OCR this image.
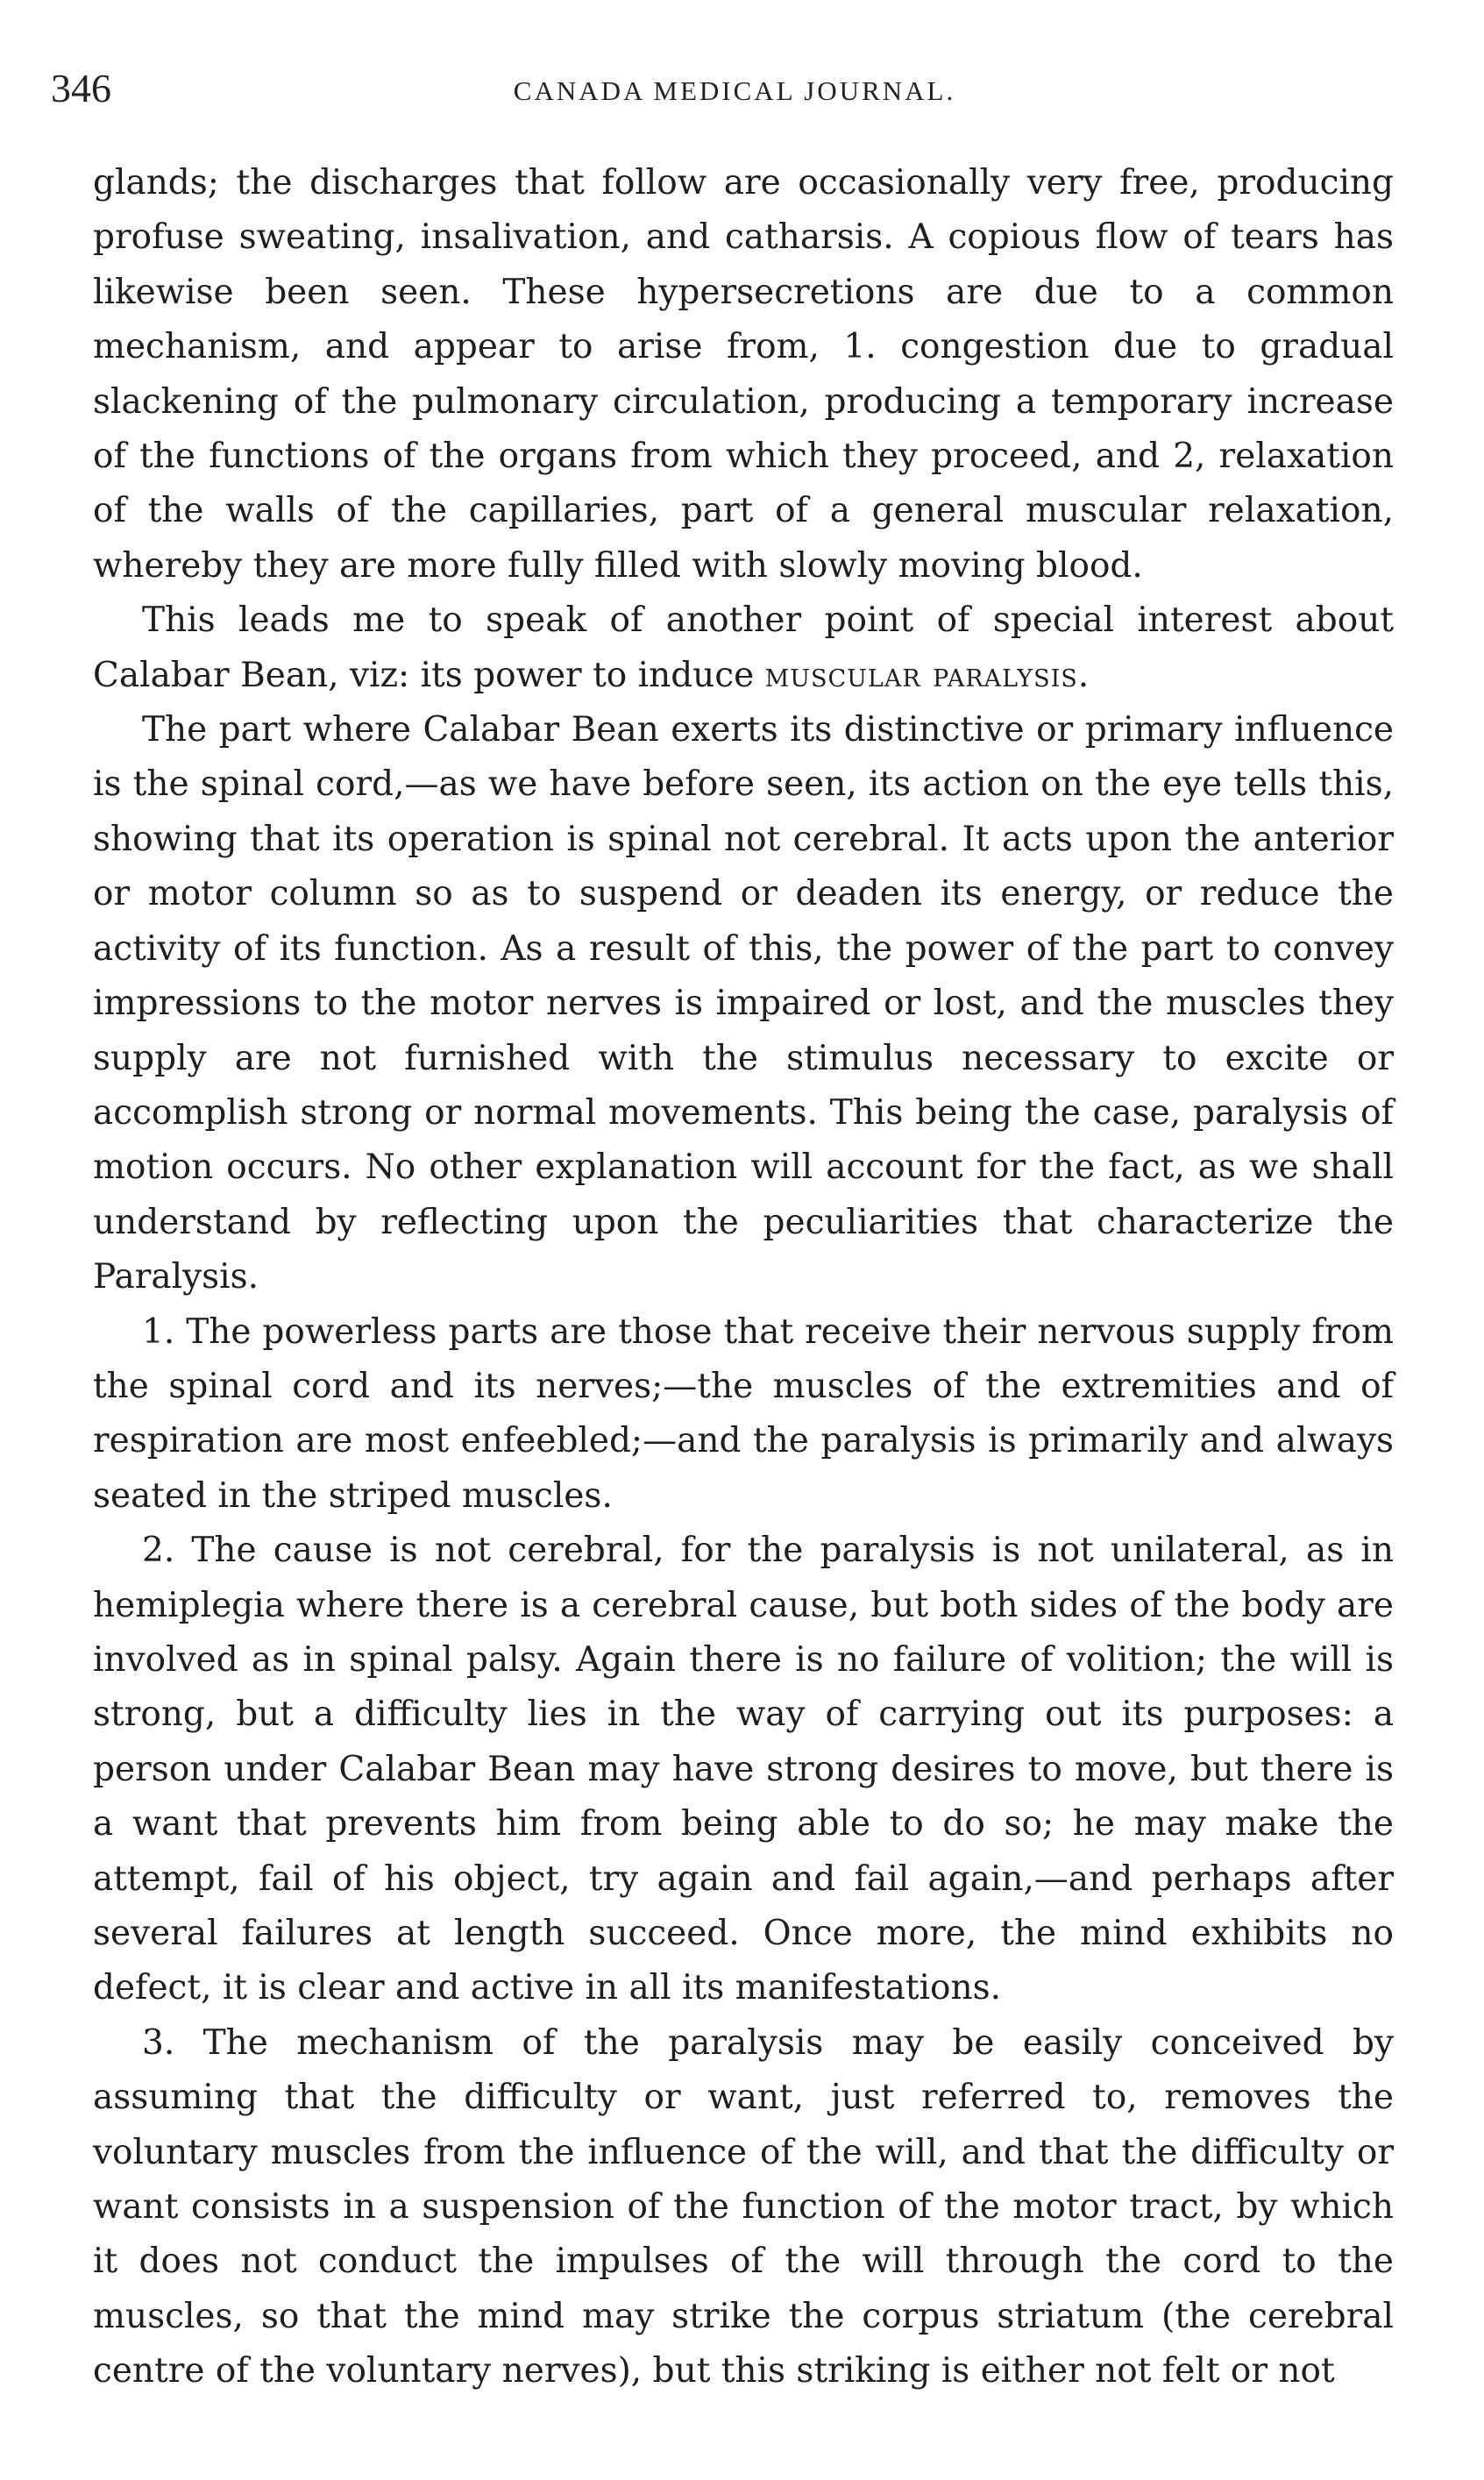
346	CANADA MEDICAL JOURNAL.

glands; the discharges that follow are occasionally very free, producing profuse sweating, insalivation, and catharsis. A copious flow of tears has likewise been seen. These hypersecretions are due to a common mechanism, and appear to arise from, 1. congestion due to gradual slackening of the pulmonary circulation, producing a temporary increase of the functions of the organs from which they proceed, and 2, relaxation of the walls of the capillaries, part of a general muscular relaxation, whereby they are more fully filled with slowly moving blood.

This leads me to speak of another point of special interest about Calabar Bean, viz: its power to induce muscular paralysis.

The part where Calabar Bean exerts its distinctive or primary influence is the spinal cord,—as we have before seen, its action on the eye tells this, showing that its operation is spinal not cerebral. It acts upon the anterior or motor column so as to suspend or deaden its energy, or reduce the activity of its function. As a result of this, the power of the part to convey impressions to the motor nerves is impaired or lost, and the muscles they supply are not furnished with the stimulus necessary to excite or accomplish strong or normal movements. This being the case, paralysis of motion occurs. No other explanation will account for the fact, as we shall understand by reflecting upon the peculiarities that characterize the Paralysis.

1. The powerless parts are those that receive their nervous supply from the spinal cord and its nerves;—the muscles of the extremities and of respiration are most enfeebled;—and the paralysis is primarily and always seated in the striped muscles.

2. The cause is not cerebral, for the paralysis is not unilateral, as in hemiplegia where there is a cerebral cause, but both sides of the body are involved as in spinal palsy. Again there is no failure of volition; the will is strong, but a difficulty lies in the way of carrying out its purposes: a person under Calabar Bean may have strong desires to move, but there is a want that prevents him from being able to do so; he may make the attempt, fail of his object, try again and fail again,—and perhaps after several failures at length succeed. Once more, the mind exhibits no defect, it is clear and active in all its manifestations.

3. The mechanism of the paralysis may be easily conceived by assuming that the difficulty or want, just referred to, removes the voluntary muscles from the influence of the will, and that the difficulty or want consists in a suspension of the function of the motor tract, by which it does not conduct the impulses of the will through the cord to the muscles, so that the mind may strike the corpus striatum (the cerebral centre of the voluntary nerves), but this striking is either not felt or not
